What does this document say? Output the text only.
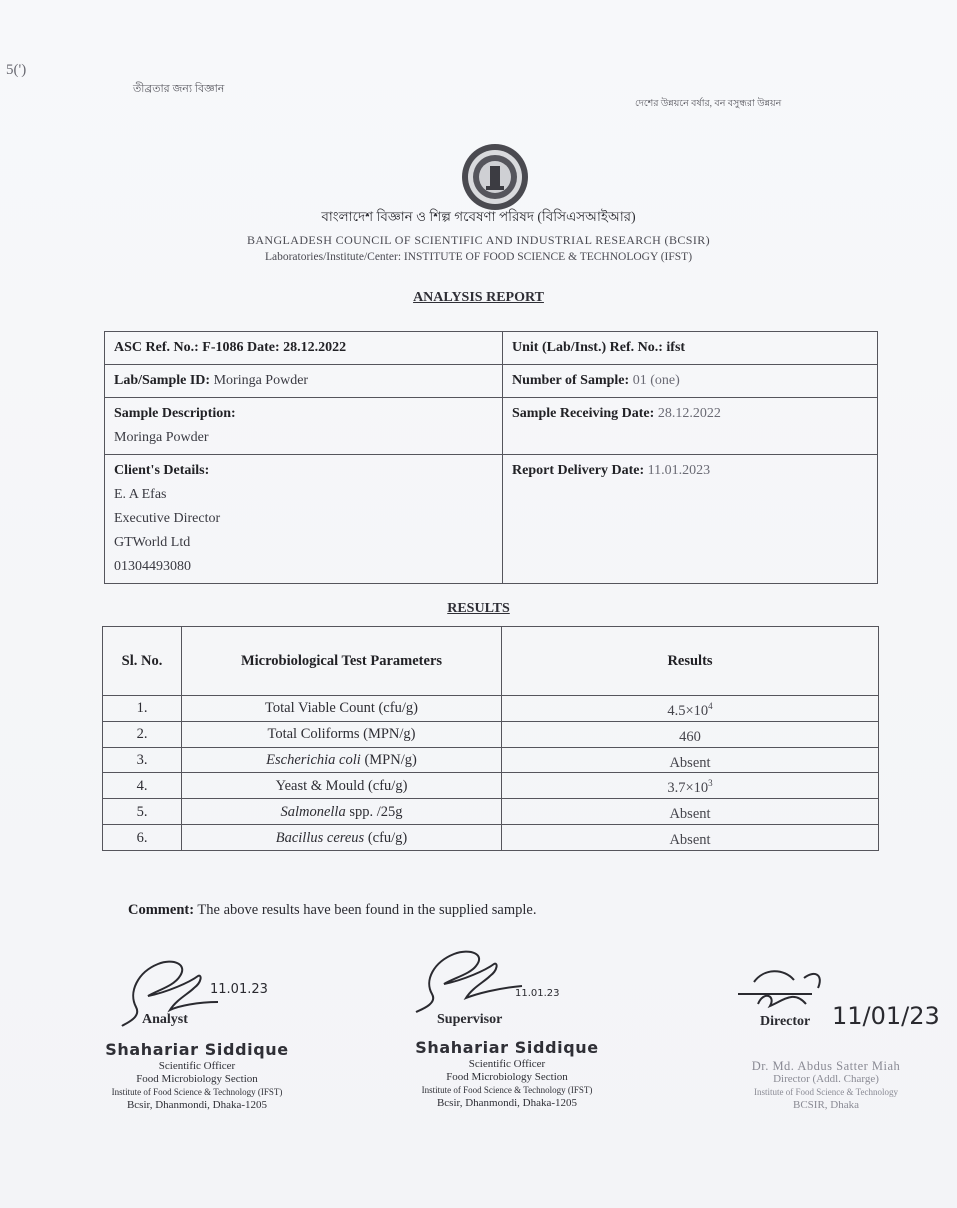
5(')
তীব্রতার জন্য বিজ্ঞান
দেশের উন্নয়নে বর্ষার, বন বসুন্ধরা উন্নয়ন
বাংলাদেশ বিজ্ঞান ও শিল্প গবেষণা পরিষদ (বিসিএসআইআর)
BANGLADESH COUNCIL OF SCIENTIFIC AND INDUSTRIAL RESEARCH (BCSIR)
Laboratories/Institute/Center: INSTITUTE OF FOOD SCIENCE & TECHNOLOGY (IFST)
ANALYSIS REPORT
ASC Ref. No.: F-1086 Date: 28.12.2022	Unit (Lab/Inst.) Ref. No.: ifst
Lab/Sample ID: Moringa Powder	Number of Sample: 01 (one)

Sample Description:
Moringa Powder	Sample Receiving Date: 28.12.2022

Client's Details:
E. A Efas
Executive Director
GTWorld Ltd
01304493080	Report Delivery Date: 11.01.2023
RESULTS
Sl. No.	Microbiological Test Parameters	Results
1.	Total Viable Count (cfu/g)	$4.5\times 10^4$
2.	Total Coliforms (MPN/g)	460
3.	Escherichia coli (MPN/g)	Absent
4.	Yeast & Mould (cfu/g)	$3.7\times 10^3$
5.	Salmonella spp. /25g	Absent
6.	Bacillus cereus (cfu/g)	Absent
Comment: The above results have been found in the supplied sample.
11.01.23
Analyst
Shahariar Siddique
Scientific Officer
Food Microbiology Section
Institute of Food Science & Technology (IFST)
Bcsir, Dhanmondi, Dhaka-1205
11.01.23
Supervisor
Shahariar Siddique
Scientific Officer
Food Microbiology Section
Institute of Food Science & Technology (IFST)
Bcsir, Dhanmondi, Dhaka-1205
Director 11/01/23
Dr. Md. Abdus Satter Miah
Director (Addl. Charge)
Institute of Food Science & Technology
BCSIR, Dhaka
